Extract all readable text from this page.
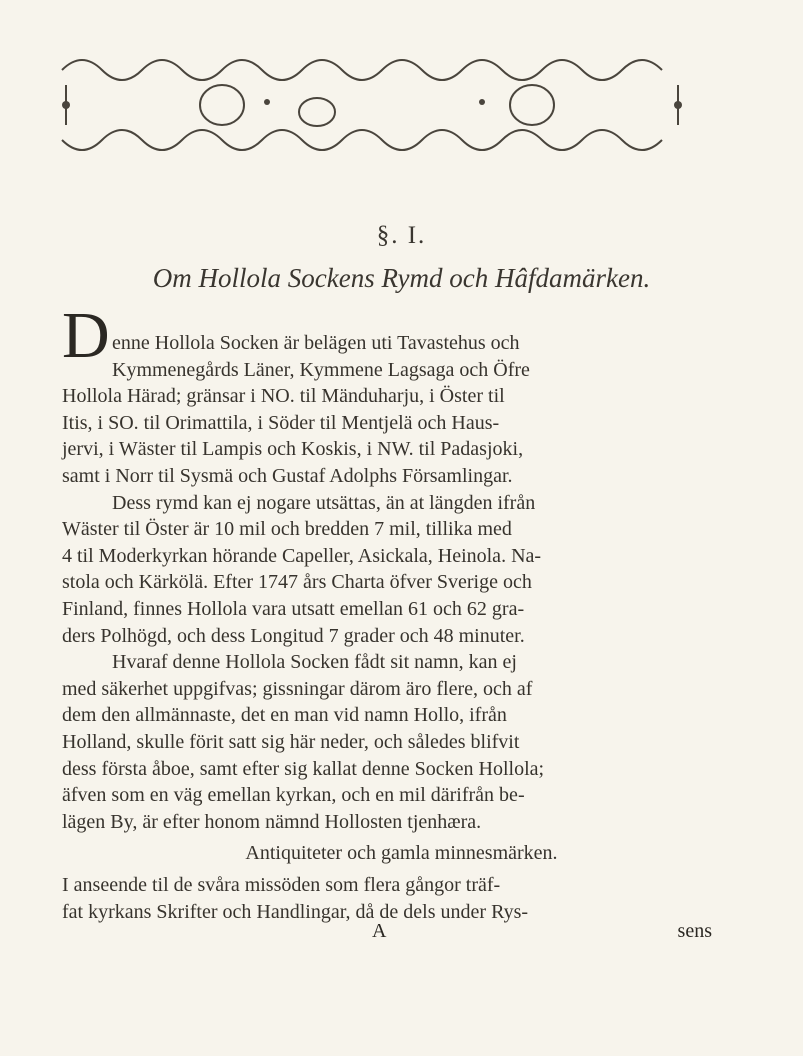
§. I.
Om Hollola Sockens Rymd och Hâfdamärken.
D enne Hollola Socken är belägen uti Tavastehus och
Kymmenegårds Läner, Kymmene Lagsaga och Öfre
Hollola Härad; gränsar i NO. til Mänduharju, i Öster til
Itis, i SO. til Orimattila, i Söder til Mentjelä och Haus-
jervi, i Wäster til Lampis och Koskis, i NW. til Padasjoki,
samt i Norr til Sysmä och Gustaf Adolphs Församlingar.
Dess rymd kan ej nogare utsättas, än at längden ifrån
Wäster til Öster är 10 mil och bredden 7 mil, tillika med
4 til Moderkyrkan hörande Capeller, Asickala, Heinola. Na-
stola och Kärkölä. Efter 1747 års Charta öfver Sverige och
Finland, finnes Hollola vara utsatt emellan 61 och 62 gra-
ders Polhögd, och dess Longitud 7 grader och 48 minuter.
Hvaraf denne Hollola Socken fådt sit namn, kan ej
med säkerhet uppgifvas; gissningar därom äro flere, och af
dem den allmännaste, det en man vid namn Hollo, ifrån
Holland, skulle förit satt sig här neder, och således blifvit
dess första åboe, samt efter sig kallat denne Socken Hollola;
äfven som en väg emellan kyrkan, och en mil därifrån be-
lägen By, är efter honom nämnd Hollosten tjenhæra.
Antiquiteter och gamla minnesmärken.
I anseende til de svåra missöden som flera gångor träf-
fat kyrkans Skrifter och Handlingar, då de dels under Rys-
A	sens
